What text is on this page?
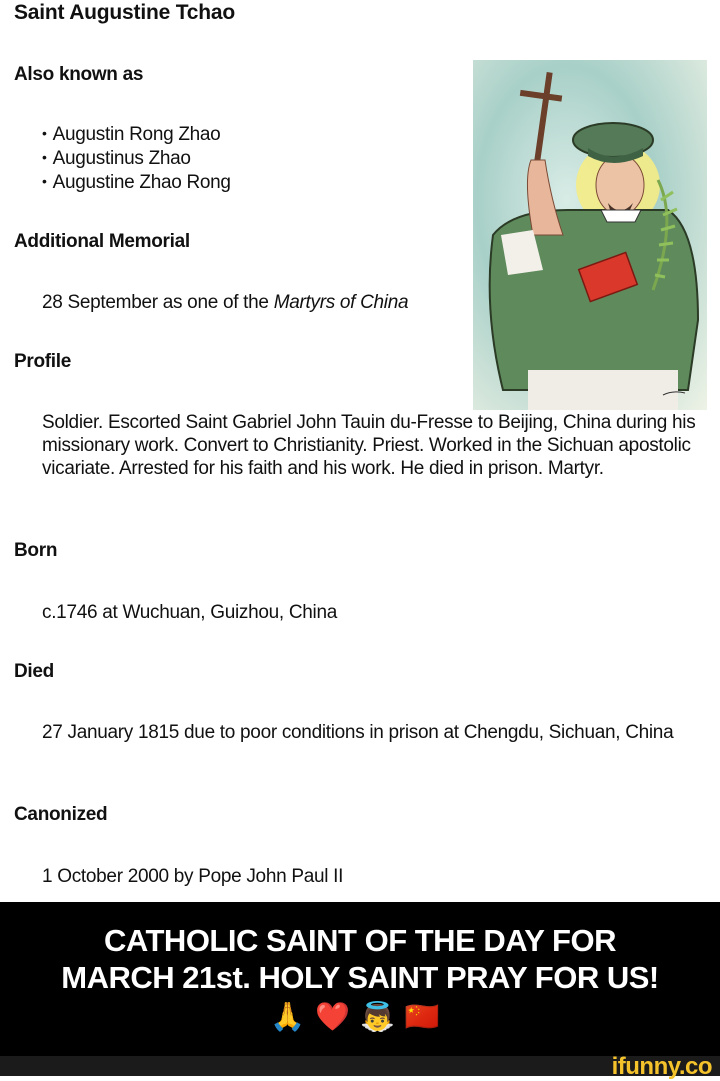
Saint Augustine Tchao
Also known as
• Augustin Rong Zhao
• Augustinus Zhao
• Augustine Zhao Rong
Additional Memorial
28 September as one of the Martyrs of China
Profile
Soldier. Escorted Saint Gabriel John Tauin du-Fresse to Beijing, China during his missionary work. Convert to Christianity. Priest. Worked in the Sichuan apostolic vicariate. Arrested for his faith and his work. He died in prison. Martyr.
Born
c.1746 at Wuchuan, Guizhou, China
Died
27 January 1815 due to poor conditions in prison at Chengdu, Sichuan, China
Canonized
1 October 2000 by Pope John Paul II
CATHOLIC SAINT OF THE DAY FOR
MARCH 21st. HOLY SAINT PRAY FOR US!
🙏❤️👼🇨🇳
ifunny.co
